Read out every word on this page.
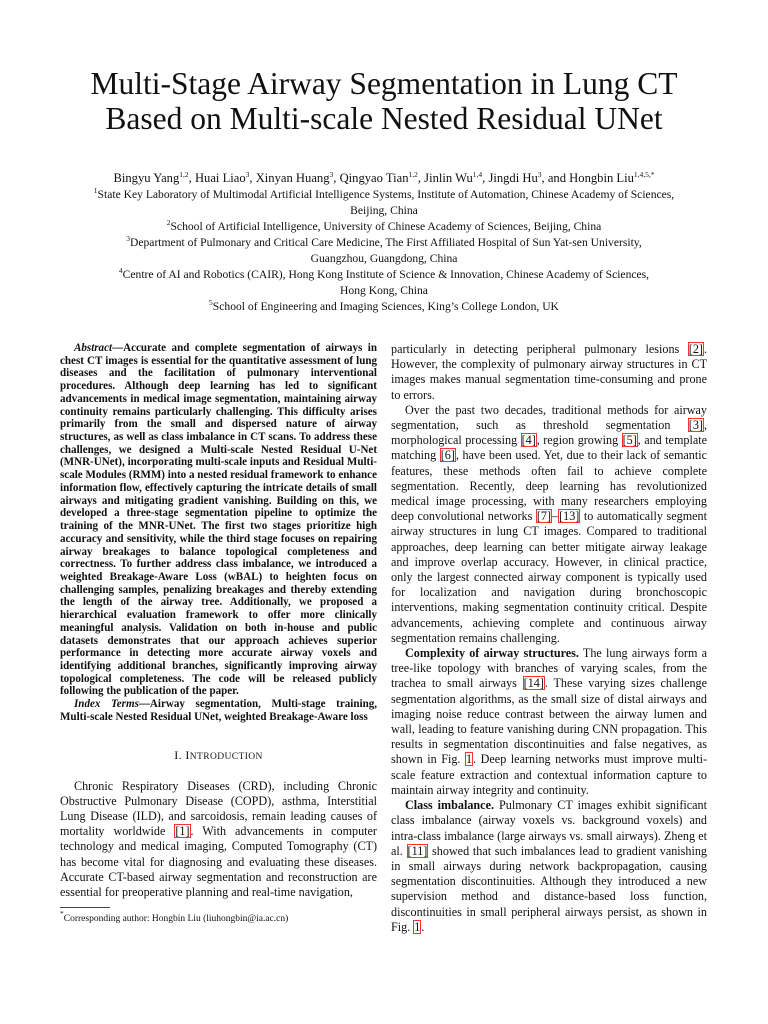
Multi-Stage Airway Segmentation in Lung CT
Based on Multi-scale Nested Residual UNet
Bingyu Yang$^{1,2}$, Huai Liao$^3$, Xinyan Huang$^3$, Qingyao Tian$^{1,2}$, Jinlin Wu$^{1,4}$, Jingdi Hu$^3$, and Hongbin Liu$^{1,4,5,*}$
$^1$State Key Laboratory of Multimodal Artificial Intelligence Systems, Institute of Automation, Chinese Academy of Sciences,
Beijing, China
$^2$School of Artificial Intelligence, University of Chinese Academy of Sciences, Beijing, China
$^3$Department of Pulmonary and Critical Care Medicine, The First Affiliated Hospital of Sun Yat-sen University,
Guangzhou, Guangdong, China
$^4$Centre of AI and Robotics (CAIR), Hong Kong Institute of Science & Innovation, Chinese Academy of Sciences,
Hong Kong, China
$^5$School of Engineering and Imaging Sciences, King’s College London, UK

Abstract—Accurate and complete segmentation of airways in chest CT images is essential for the quantitative assessment of lung diseases and the facilitation of pulmonary interventional procedures. Although deep learning has led to significant advancements in medical image segmentation, maintaining airway continuity remains particularly challenging. This difficulty arises primarily from the small and dispersed nature of airway structures, as well as class imbalance in CT scans. To address these challenges, we designed a Multi-scale Nested Residual U-Net (MNR-UNet), incorporating multi-scale inputs and Residual Multi-scale Modules (RMM) into a nested residual framework to enhance information flow, effectively capturing the intricate details of small airways and mitigating gradient vanishing. Building on this, we developed a three-stage segmentation pipeline to optimize the training of the MNR-UNet. The first two stages prioritize high accuracy and sensitivity, while the third stage focuses on repairing airway breakages to balance topological completeness and correctness. To further address class imbalance, we introduced a weighted Breakage-Aware Loss (wBAL) to heighten focus on challenging samples, penalizing breakages and thereby extending the length of the airway tree. Additionally, we proposed a hierarchical evaluation framework to offer more clinically meaningful analysis. Validation on both in-house and public datasets demonstrates that our approach achieves superior performance in detecting more accurate airway voxels and identifying additional branches, significantly improving airway topological completeness. The code will be released publicly following the publication of the paper.

Index Terms—Airway segmentation, Multi-stage training, Multi-scale Nested Residual UNet, weighted Breakage-Aware loss

I. INTRODUCTION

Chronic Respiratory Diseases (CRD), including Chronic Obstructive Pulmonary Disease (COPD), asthma, Interstitial Lung Disease (ILD), and sarcoidosis, remain leading causes of mortality worldwide [1]. With advancements in computer technology and medical imaging, Computed Tomography (CT) has become vital for diagnosing and evaluating these diseases. Accurate CT-based airway segmentation and reconstruction are essential for preoperative planning and real-time navigation,

particularly in detecting peripheral pulmonary lesions [2]. However, the complexity of pulmonary airway structures in CT images makes manual segmentation time-consuming and prone to errors.

Over the past two decades, traditional methods for airway segmentation, such as threshold segmentation [3], morphological processing [4], region growing [5], and template matching [6], have been used. Yet, due to their lack of semantic features, these methods often fail to achieve complete segmentation. Recently, deep learning has revolutionized medical image processing, with many researchers employing deep convolutional networks [7]–[13] to automatically segment airway structures in lung CT images. Compared to traditional approaches, deep learning can better mitigate airway leakage and improve overlap accuracy. However, in clinical practice, only the largest connected airway component is typically used for localization and navigation during bronchoscopic interventions, making segmentation continuity critical. Despite advancements, achieving complete and continuous airway segmentation remains challenging.

Complexity of airway structures. The lung airways form a tree-like topology with branches of varying scales, from the trachea to small airways [14]. These varying sizes challenge segmentation algorithms, as the small size of distal airways and imaging noise reduce contrast between the airway lumen and wall, leading to feature vanishing during CNN propagation. This results in segmentation discontinuities and false negatives, as shown in Fig. 1. Deep learning networks must improve multi-scale feature extraction and contextual information capture to maintain airway integrity and continuity.

Class imbalance. Pulmonary CT images exhibit significant class imbalance (airway voxels vs. background voxels) and intra-class imbalance (large airways vs. small airways). Zheng et al. [11] showed that such imbalances lead to gradient vanishing in small airways during network backpropagation, causing segmentation discontinuities. Although they introduced a new supervision method and distance-based loss function, discontinuities in small peripheral airways persist, as shown in Fig. 1.

*Corresponding author: Hongbin Liu (liuhongbin@ia.ac.cn)
